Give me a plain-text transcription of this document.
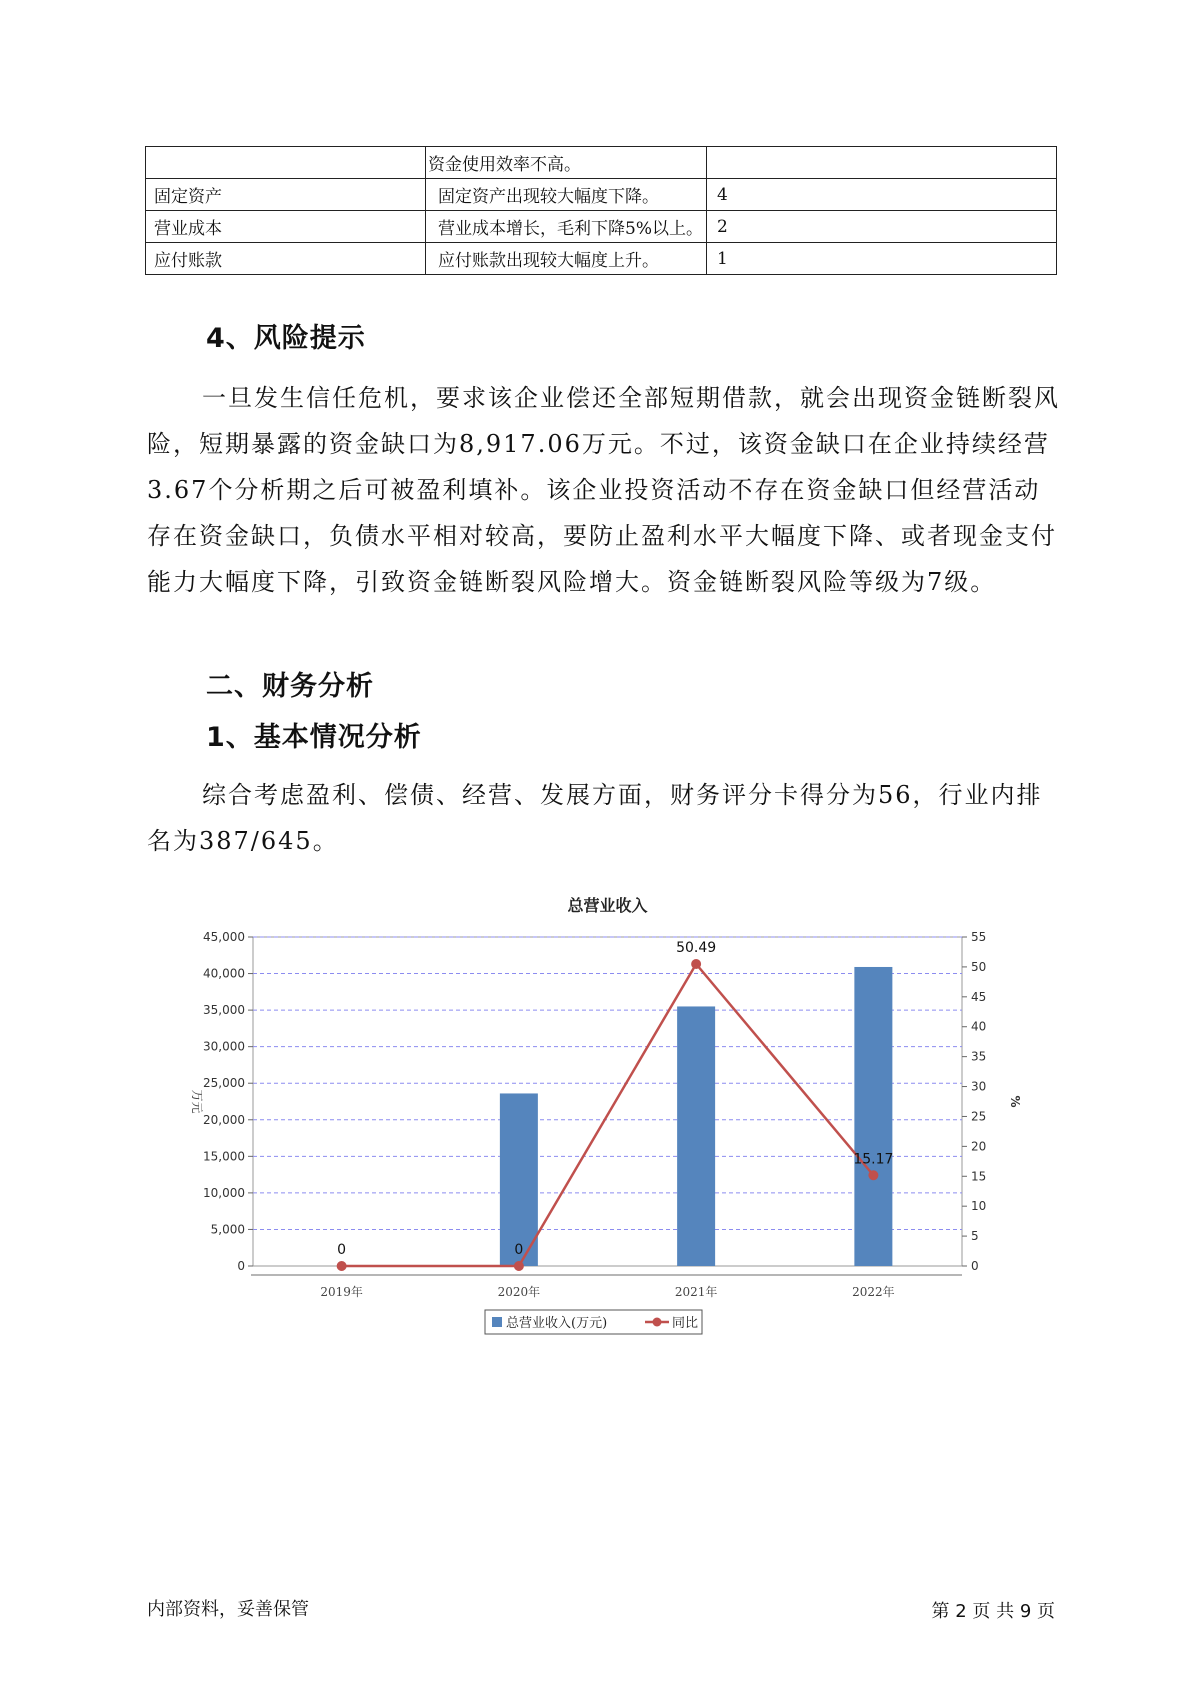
	资金使用效率不高。	
固定资产	固定资产出现较大幅度下降。	4
营业成本	营业成本增长，毛利下降5%以上。	2
应付账款	应付账款出现较大幅度上升。	1
4、风险提示

一旦发生信任危机，要求该企业偿还全部短期借款，就会出现资金链断裂风险，短期暴露的资金缺口为8,917.06万元。不过，该资金缺口在企业持续经营 3.67个分析期之后可被盈利填补。该企业投资活动不存在资金缺口但经营活动存在资金缺口，负债水平相对较高，要防止盈利水平大幅度下降、或者现金支付能力大幅度下降，引致资金链断裂风险增大。资金链断裂风险等级为7级。

二、财务分析
1、基本情况分析

综合考虑盈利、偿债、经营、发展方面，财务评分卡得分为56，行业内排名为387/645。

总营业收入
0
5,000
10,000
15,000
20,000
25,000
30,000
35,000
40,000
45,000
0
5
10
15
20
25
30
35
40
45
50
55
万元	%
2019年	2020年	2021年	2022年
0	0
50.49
15.17
总营业收入(万元)	同比
内部资料，妥善保管	第 2 页 共 9 页
